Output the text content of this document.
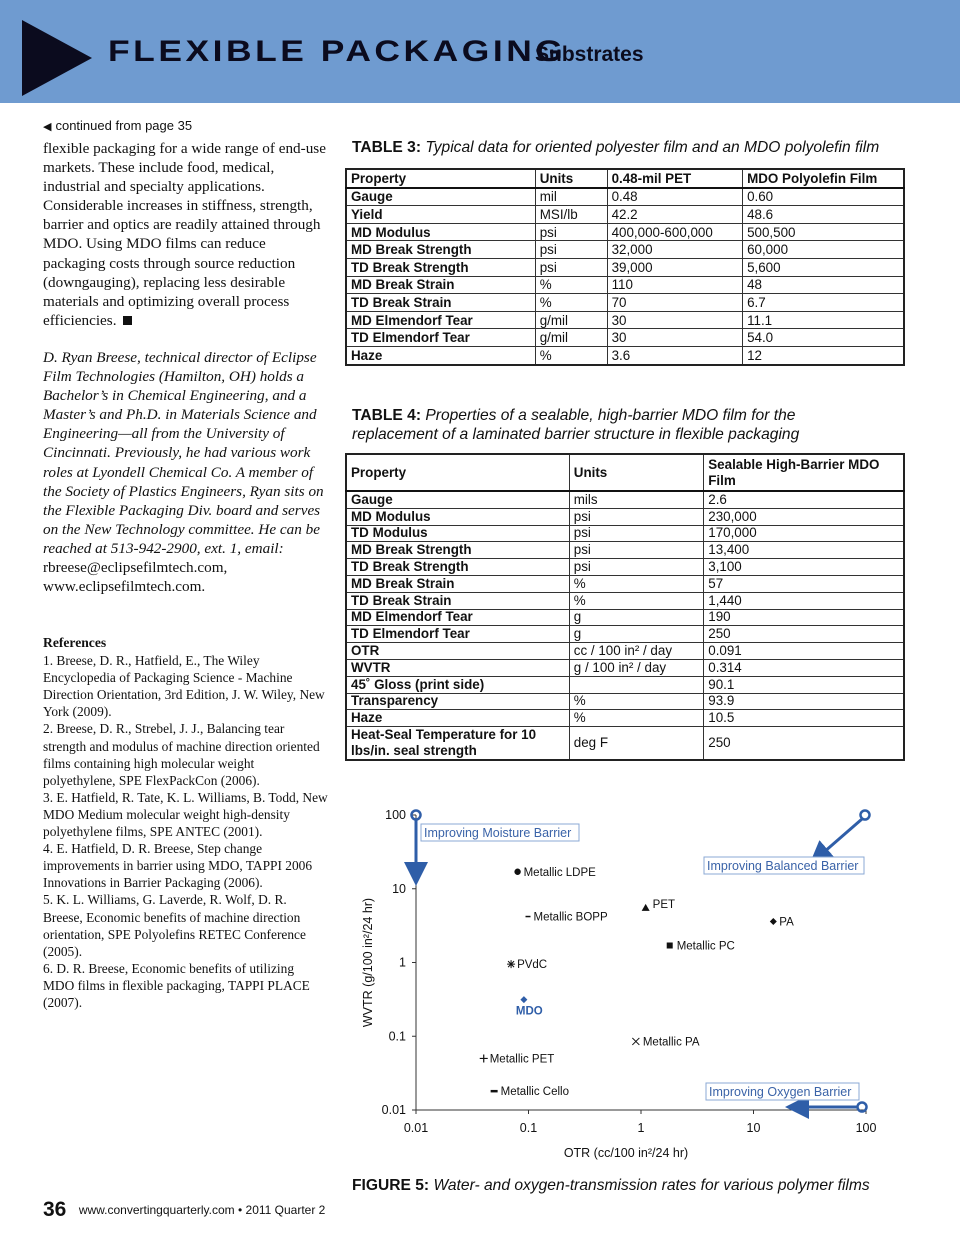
FLEXIBLE PACKAGING
Substrates
◀ continued from page 35
flexible packaging for a wide range of end-use markets. These include food, medical, industrial and specialty applications. Considerable increases in stiffness, strength, barrier and optics are readily attained through MDO. Using MDO films can reduce packaging costs through source reduction (downgauging), replacing less desirable materials and optimizing overall process efficiencies.
D. Ryan Breese, technical director of Eclipse Film Technologies (Hamilton, OH) holds a Bachelor’s in Chemical Engineering, and a Master’s and Ph.D. in Materials Science and Engineering—all from the University of Cincinnati. Previously, he had various work roles at Lyondell Chemical Co. A member of the Society of Plastics Engineers, Ryan sits on the Flexible Packaging Div. board and serves on the New Technology committee. He can be reached at 513-942-2900, ext. 1, email: rbreese@eclipsefilmtech.com, www.eclipsefilmtech.com.
References

1. Breese, D. R., Hatfield, E., The Wiley Encyclopedia of Packaging Science - Machine Direction Orientation, 3rd Edition, J. W. Wiley, New York (2009).

2. Breese, D. R., Strebel, J. J., Balancing tear strength and modulus of machine direction oriented films containing high molecular weight polyethylene, SPE FlexPackCon (2006).

3. E. Hatfield, R. Tate, K. L. Williams, B. Todd, New MDO Medium molecular weight high-density polyethylene films, SPE ANTEC (2001).

4. E. Hatfield, D. R. Breese, Step change improvements in barrier using MDO, TAPPI 2006 Innovations in Barrier Packaging (2006).

5. K. L. Williams, G. Laverde, R. Wolf, D. R. Breese, Economic benefits of machine direction orientation, SPE Polyolefins RETEC Conference (2005).

6. D. R. Breese, Economic benefits of utilizing MDO films in flexible packaging, TAPPI PLACE (2007).

TABLE 3: Typical data for oriented polyester film and an MDO polyolefin film
Property	Units	0.48-mil PET	MDO Polyolefin Film
Gauge	mil	0.48	0.60
Yield	MSI/lb	42.2	48.6
MD Modulus	psi	400,000-600,000	500,500
MD Break Strength	psi	32,000	60,000
TD Break Strength	psi	39,000	5,600
MD Break Strain	%	110	48
TD Break Strain	%	70	6.7
MD Elmendorf Tear	g/mil	30	11.1
TD Elmendorf Tear	g/mil	30	54.0
Haze	%	3.6	12
TABLE 4: Properties of a sealable, high-barrier MDO film for the
replacement of a laminated barrier structure in flexible packaging
Property	Units	Sealable High-Barrier MDO Film
Gauge	mils	2.6
MD Modulus	psi	230,000
TD Modulus	psi	170,000
MD Break Strength	psi	13,400
TD Break Strength	psi	3,100
MD Break Strain	%	57
TD Break Strain	%	1,440
MD Elmendorf Tear	g	190
TD Elmendorf Tear	g	250
OTR	cc / 100 in² / day	0.091
WVTR	g / 100 in² / day	0.314
45˚ Gloss (print side)		90.1
Transparency	%	93.9
Haze	%	10.5
Heat-Seal Temperature for 10 lbs/in. seal strength	deg F	250
0.01	0.1	1	10	100
0.01
0.1
1
10
100
OTR (cc/100 in²/24 hr)
WVTR (g/100 in²/24 hr)
Improving Moisture Barrier
Improving Balanced Barrier
Improving Oxygen Barrier
Metallic LDPE
PET
Metallic BOPP	PA
Metallic PC
PVdC
MDO
Metallic PA
Metallic PET
Metallic Cello
FIGURE 5: Water- and oxygen-transmission rates for various polymer films
36 www.convertingquarterly.com • 2011 Quarter 2
